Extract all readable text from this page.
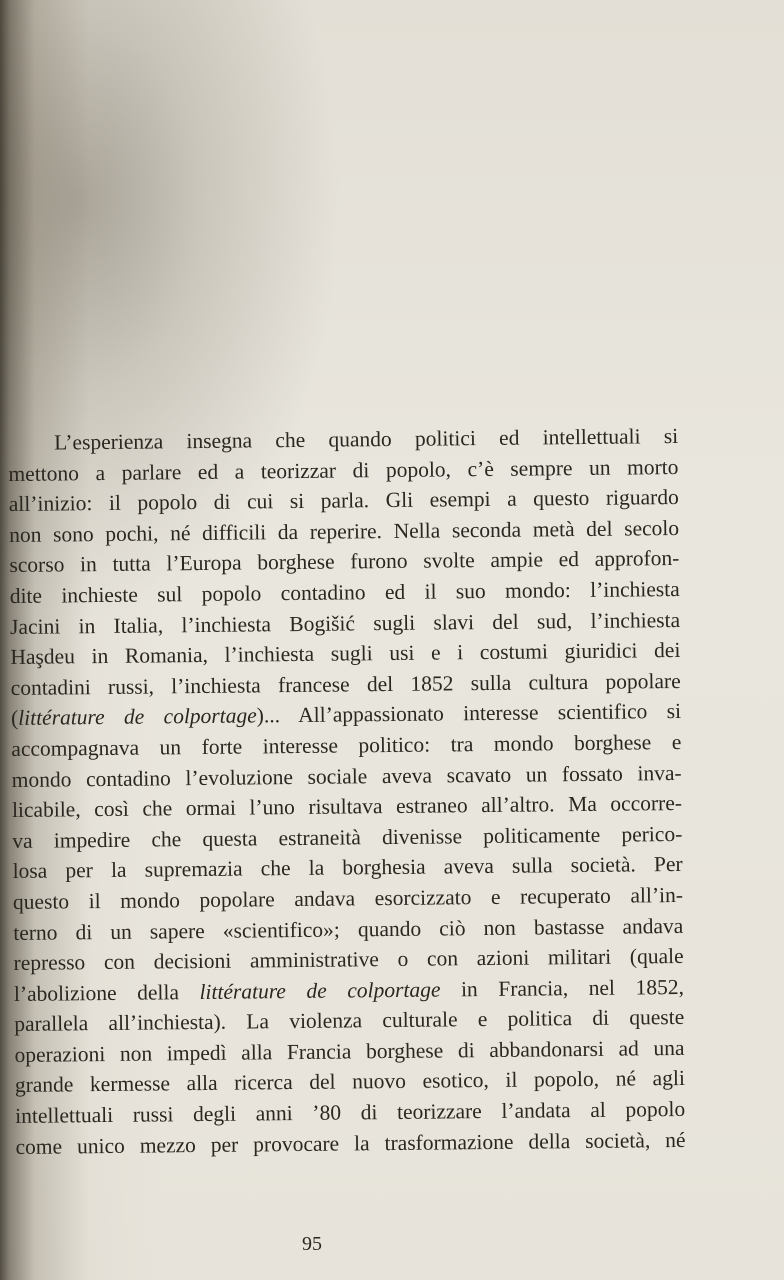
L’esperienza insegna che quando politici ed intellettuali si
mettono a parlare ed a teorizzar di popolo, c’è sempre un morto
all’inizio: il popolo di cui si parla. Gli esempi a questo riguardo
non sono pochi, né difficili da reperire. Nella seconda metà del secolo
scorso in tutta l’Europa borghese furono svolte ampie ed approfon-
dite inchieste sul popolo contadino ed il suo mondo: l’inchiesta
Jacini in Italia, l’inchiesta Bogišić sugli slavi del sud, l’inchiesta
Haşdeu in Romania, l’inchiesta sugli usi e i costumi giuridici dei
contadini russi, l’inchiesta francese del 1852 sulla cultura popolare
(littérature de colportage)... All’appassionato interesse scientifico si
accompagnava un forte interesse politico: tra mondo borghese e
mondo contadino l’evoluzione sociale aveva scavato un fossato inva-
licabile, così che ormai l’uno risultava estraneo all’altro. Ma occorre-
va impedire che questa estraneità divenisse politicamente perico-
losa per la supremazia che la borghesia aveva sulla società. Per
questo il mondo popolare andava esorcizzato e recuperato all’in-
terno di un sapere «scientifico»; quando ciò non bastasse andava
represso con decisioni amministrative o con azioni militari (quale
l’abolizione della littérature de colportage in Francia, nel 1852,
parallela all’inchiesta). La violenza culturale e politica di queste
operazioni non impedì alla Francia borghese di abbandonarsi ad una
grande kermesse alla ricerca del nuovo esotico, il popolo, né agli
intellettuali russi degli anni ’80 di teorizzare l’andata al popolo
come unico mezzo per provocare la trasformazione della società, né
95
